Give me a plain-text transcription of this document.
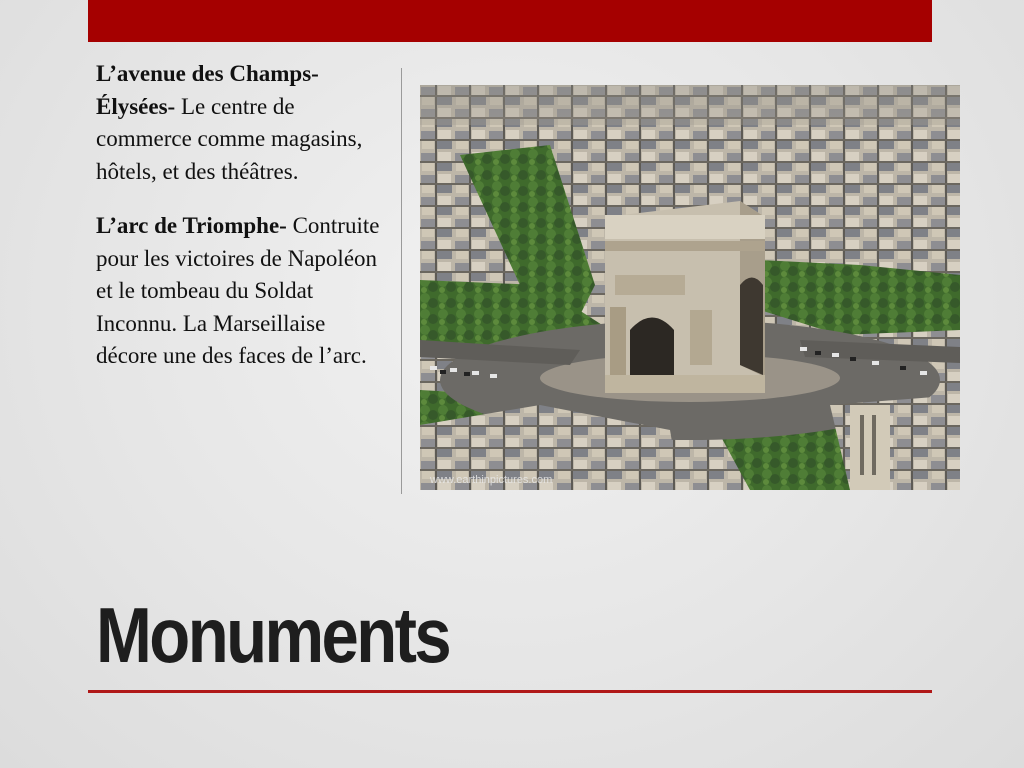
L’avenue des Champs-Élysées- Le centre de commerce comme magasins, hôtels, et des théâtres.

L’arc de Triomphe- Contruite pour les victoires de Napoléon et le tombeau du Soldat Inconnu. La Marseillaise décore une des faces de l’arc.

www.earthinpictures.com
Monuments
